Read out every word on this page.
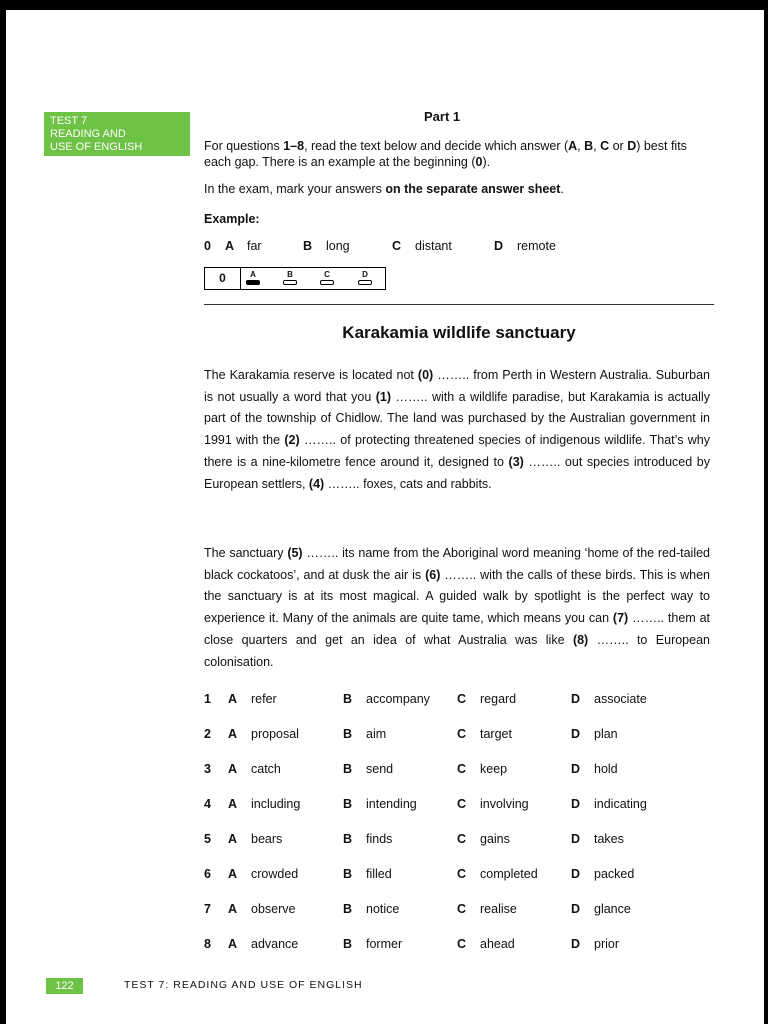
TEST 7
READING AND
USE OF ENGLISH
Part 1
For questions 1–8, read the text below and decide which answer (A, B, C or D) best fits each gap. There is an example at the beginning (0).
In the exam, mark your answers on the separate answer sheet.
Example:
0 A far	B long	C distant	D remote
0	A	B	C	D
Karakamia wildlife sanctuary
The Karakamia reserve is located not (0) …….. from Perth in Western Australia. Suburban is not usually a word that you (1) …….. with a wildlife paradise, but Karakamia is actually part of the township of Chidlow. The land was purchased by the Australian government in 1991 with the (2) …….. of protecting threatened species of indigenous wildlife. That’s why there is a nine-kilometre fence around it, designed to (3) …….. out species introduced by European settlers, (4) …….. foxes, cats and rabbits.
The sanctuary (5) …….. its name from the Aboriginal word meaning ‘home of the red-tailed black cockatoos’, and at dusk the air is (6) …….. with the calls of these birds. This is when the sanctuary is at its most magical. A guided walk by spotlight is the perfect way to experience it. Many of the animals are quite tame, which means you can (7) …….. them at close quarters and get an idea of what Australia was like (8) …….. to European colonisation.
1 A refer	B accompany C regard	D associate
2 A proposal	B aim	C target	D plan
3 A catch	B send	C keep	D hold
4 A including	B intending	C involving	D indicating
5 A bears	B finds	C gains	D takes
6 A crowded	B filled	C completed	D packed
7 A observe	B notice	C realise	D glance
8 A advance	B former	C ahead	D prior
122	TEST 7: READING AND USE OF ENGLISH
